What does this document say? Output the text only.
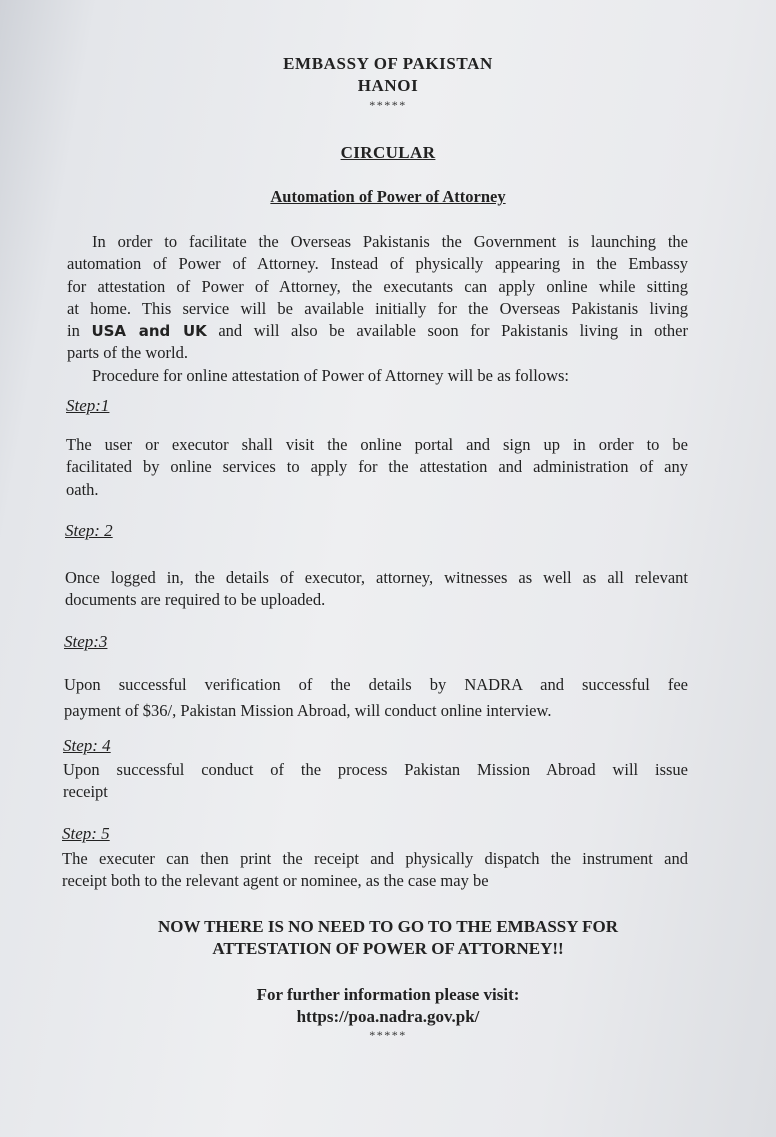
EMBASSY OF PAKISTAN
HANOI
*****
CIRCULAR
Automation of Power of Attorney
In order to facilitate the Overseas Pakistanis the Government is launching the
automation of Power of Attorney. Instead of physically appearing in the Embassy
for attestation of Power of Attorney, the executants can apply online while sitting
at home. This service will be available initially for the Overseas Pakistanis living
in USA and UK and will also be available soon for Pakistanis living in other
parts of the world.
Procedure for online attestation of Power of Attorney will be as follows:
Step:1
The user or executor shall visit the online portal and sign up in order to be
facilitated by online services to apply for the attestation and administration of any
oath.
Step: 2
Once logged in, the details of executor, attorney, witnesses as well as all relevant
documents are required to be uploaded.
Step:3
Upon successful verification of the details by NADRA and successful fee
payment of $36/, Pakistan Mission Abroad, will conduct online interview.
Step: 4
Upon successful conduct of the process Pakistan Mission Abroad will issue
receipt
Step: 5
The executer can then print the receipt and physically dispatch the instrument and
receipt both to the relevant agent or nominee, as the case may be
NOW THERE IS NO NEED TO GO TO THE EMBASSY FOR
ATTESTATION OF POWER OF ATTORNEY!!
For further information please visit:
https://poa.nadra.gov.pk/
*****
